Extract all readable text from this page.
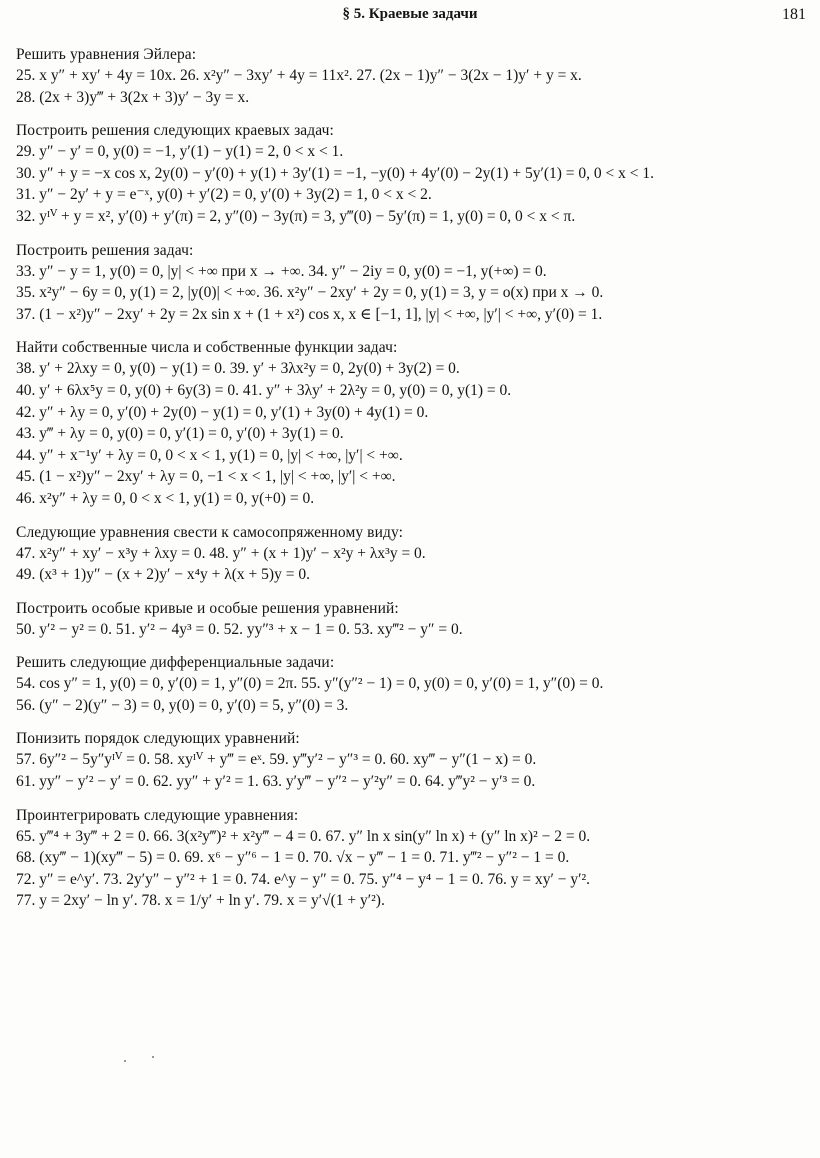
§ 5. Краевые задачи	181
Решить уравнения Эйлера:
25. x y″ + xy′ + 4y = 10x. 26. x²y″ − 3xy′ + 4y = 11x². 27. (2x − 1)y″ − 3(2x − 1)y′ + y = x.
28. (2x + 3)y‴ + 3(2x + 3)y′ − 3y = x.
Построить решения следующих краевых задач:
29. y″ − y′ = 0, y(0) = −1, y′(1) − y(1) = 2, 0 < x < 1.
30. y″ + y = −x cos x, 2y(0) − y′(0) + y(1) + 3y′(1) = −1, −y(0) + 4y′(0) − 2y(1) + 5y′(1) = 0, 0 < x < 1.
31. y″ − 2y′ + y = e⁻ˣ, y(0) + y′(2) = 0, y′(0) + 3y(2) = 1, 0 < x < 2.
32. yᴵⱽ + y = x², y′(0) + y′(π) = 2, y″(0) − 3y(π) = 3, y‴(0) − 5y′(π) = 1, y(0) = 0, 0 < x < π.
Построить решения задач:
33. y″ − y = 1, y(0) = 0, |y| < +∞ при x → +∞. 34. y″ − 2iy = 0, y(0) = −1, y(+∞) = 0.
35. x²y″ − 6y = 0, y(1) = 2, |y(0)| < +∞. 36. x²y″ − 2xy′ + 2y = 0, y(1) = 3, y = o(x) при x → 0.
37. (1 − x²)y″ − 2xy′ + 2y = 2x sin x + (1 + x²) cos x, x ∈ [−1, 1], |y| < +∞, |y′| < +∞, y′(0) = 1.
Найти собственные числа и собственные функции задач:
38. y′ + 2λxy = 0, y(0) − y(1) = 0. 39. y′ + 3λx²y = 0, 2y(0) + 3y(2) = 0.
40. y′ + 6λx⁵y = 0, y(0) + 6y(3) = 0. 41. y″ + 3λy′ + 2λ²y = 0, y(0) = 0, y(1) = 0.
42. y″ + λy = 0, y′(0) + 2y(0) − y(1) = 0, y′(1) + 3y(0) + 4y(1) = 0.
43. y‴ + λy = 0, y(0) = 0, y′(1) = 0, y′(0) + 3y(1) = 0.
44. y″ + x⁻¹y′ + λy = 0, 0 < x < 1, y(1) = 0, |y| < +∞, |y′| < +∞.
45. (1 − x²)y″ − 2xy′ + λy = 0, −1 < x < 1, |y| < +∞, |y′| < +∞.
46. x²y″ + λy = 0, 0 < x < 1, y(1) = 0, y(+0) = 0.
Следующие уравнения свести к самосопряженному виду:
47. x²y″ + xy′ − x³y + λxy = 0. 48. y″ + (x + 1)y′ − x²y + λx³y = 0.
49. (x³ + 1)y″ − (x + 2)y′ − x⁴y + λ(x + 5)y = 0.
Построить особые кривые и особые решения уравнений:
50. y′² − y² = 0. 51. y′² − 4y³ = 0. 52. yy″³ + x − 1 = 0. 53. xy‴² − y″ = 0.
Решить следующие дифференциальные задачи:
54. cos y″ = 1, y(0) = 0, y′(0) = 1, y″(0) = 2π. 55. y″(y″² − 1) = 0, y(0) = 0, y′(0) = 1, y″(0) = 0.
56. (y″ − 2)(y″ − 3) = 0, y(0) = 0, y′(0) = 5, y″(0) = 3.
Понизить порядок следующих уравнений:
57. 6y″² − 5y″yᴵⱽ = 0. 58. xyᴵⱽ + y‴ = eˣ. 59. y‴y′² − y″³ = 0. 60. xy‴ − y″(1 − x) = 0.
61. yy″ − y′² − y′ = 0. 62. yy″ + y′² = 1. 63. y′y‴ − y″² − y′²y″ = 0. 64. y‴y² − y′³ = 0.
Проинтегрировать следующие уравнения:
65. y‴⁴ + 3y‴ + 2 = 0. 66. 3(x²y‴)² + x²y‴ − 4 = 0. 67. y″ ln x sin(y″ ln x) + (y″ ln x)² − 2 = 0.
68. (xy‴ − 1)(xy‴ − 5) = 0. 69. x⁶ − y″⁶ − 1 = 0. 70. √x − y‴ − 1 = 0. 71. y‴² − y″² − 1 = 0.
72. y″ = e^y′. 73. 2y′y″ − y″² + 1 = 0. 74. e^y − y″ = 0. 75. y″⁴ − y⁴ − 1 = 0. 76. y = xy′ − y′².
77. y = 2xy′ − ln y′. 78. x = 1/y′ + ln y′. 79. x = y′√(1 + y′²).
